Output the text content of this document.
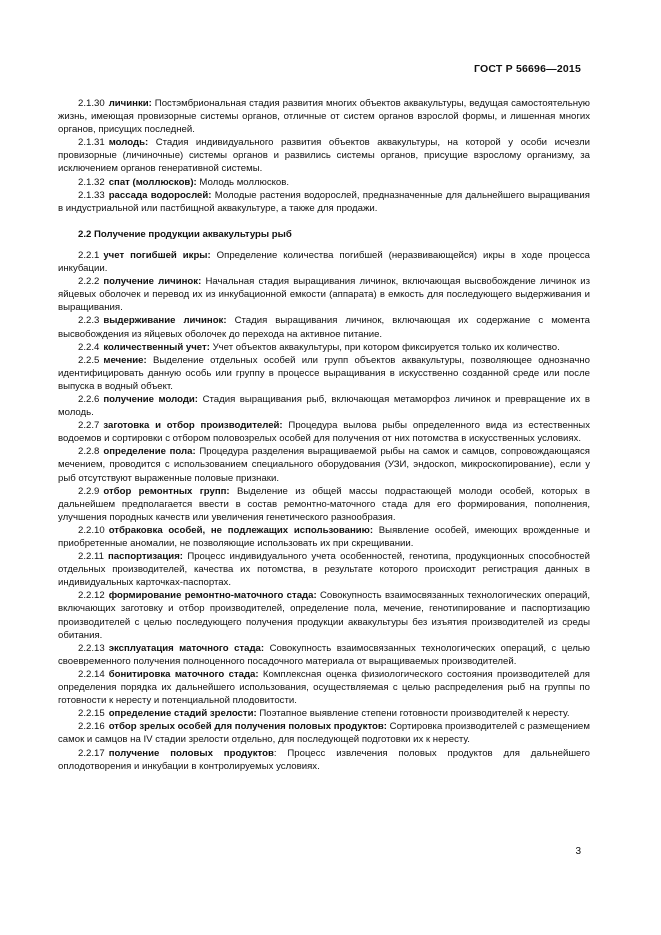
ГОСТ Р 56696—2015

2.1.30 личинки: Постэмбриональная стадия развития многих объектов аквакультуры, ведущая самостоятельную жизнь, имеющая провизорные системы органов, отличные от систем органов взрослой формы, и лишенная многих органов, присущих последней.

2.1.31 молодь: Стадия индивидуального развития объектов аквакультуры, на которой у особи исчезли провизорные (личиночные) системы органов и развились системы органов, присущие взрослому организму, за исключением органов генеративной системы.

2.1.32 спат (моллюсков): Молодь моллюсков.

2.1.33 рассада водорослей: Молодые растения водорослей, предназначенные для дальнейшего выращивания в индустриальной или пастбищной аквакультуре, а также для продажи.

2.2 Получение продукции аквакультуры рыб

2.2.1 учет погибшей икры: Определение количества погибшей (неразвивающейся) икры в ходе процесса инкубации.

2.2.2 получение личинок: Начальная стадия выращивания личинок, включающая высвобождение личинок из яйцевых оболочек и перевод их из инкубационной емкости (аппарата) в емкость для последующего выдерживания и выращивания.

2.2.3 выдерживание личинок: Стадия выращивания личинок, включающая их содержание с момента высвобождения из яйцевых оболочек до перехода на активное питание.

2.2.4 количественный учет: Учет объектов аквакультуры, при котором фиксируется только их количество.

2.2.5 мечение: Выделение отдельных особей или групп объектов аквакультуры, позволяющее однозначно идентифицировать данную особь или группу в процессе выращивания в искусственно созданной среде или после выпуска в водный объект.

2.2.6 получение молоди: Стадия выращивания рыб, включающая метаморфоз личинок и превращение их в молодь.

2.2.7 заготовка и отбор производителей: Процедура вылова рыбы определенного вида из естественных водоемов и сортировки с отбором половозрелых особей для получения от них потомства в искусственных условиях.

2.2.8 определение пола: Процедура разделения выращиваемой рыбы на самок и самцов, сопровождающаяся мечением, проводится с использованием специального оборудования (УЗИ, эндоскоп, микроскопирование), если у рыб отсутствуют выраженные половые признаки.

2.2.9 отбор ремонтных групп: Выделение из общей массы подрастающей молоди особей, которых в дальнейшем предполагается ввести в состав ремонтно-маточного стада для его формирования, пополнения, улучшения породных качеств или увеличения генетического разнообразия.

2.2.10 отбраковка особей, не подлежащих использованию: Выявление особей, имеющих врожденные и приобретенные аномалии, не позволяющие использовать их при скрещивании.

2.2.11 паспортизация: Процесс индивидуального учета особенностей, генотипа, продукционных способностей отдельных производителей, качества их потомства, в результате которого происходит регистрация данных в индивидуальных карточках-паспортах.

2.2.12 формирование ремонтно-маточного стада: Совокупность взаимосвязанных технологических операций, включающих заготовку и отбор производителей, определение пола, мечение, генотипирование и паспортизацию производителей с целью последующего получения продукции аквакультуры без изъятия производителей из среды обитания.

2.2.13 эксплуатация маточного стада: Совокупность взаимосвязанных технологических операций, с целью своевременного получения полноценного посадочного материала от выращиваемых производителей.

2.2.14 бонитировка маточного стада: Комплексная оценка физиологического состояния производителей для определения порядка их дальнейшего использования, осуществляемая с целью распределения рыб на группы по готовности к нересту и потенциальной плодовитости.

2.2.15 определение стадий зрелости: Поэтапное выявление степени готовности производителей к нересту.

2.2.16 отбор зрелых особей для получения половых продуктов: Сортировка производителей с размещением самок и самцов на IV стадии зрелости отдельно, для последующей подготовки их к нересту.

2.2.17 получение половых продуктов: Процесс извлечения половых продуктов для дальнейшего оплодотворения и инкубации в контролируемых условиях.

3
